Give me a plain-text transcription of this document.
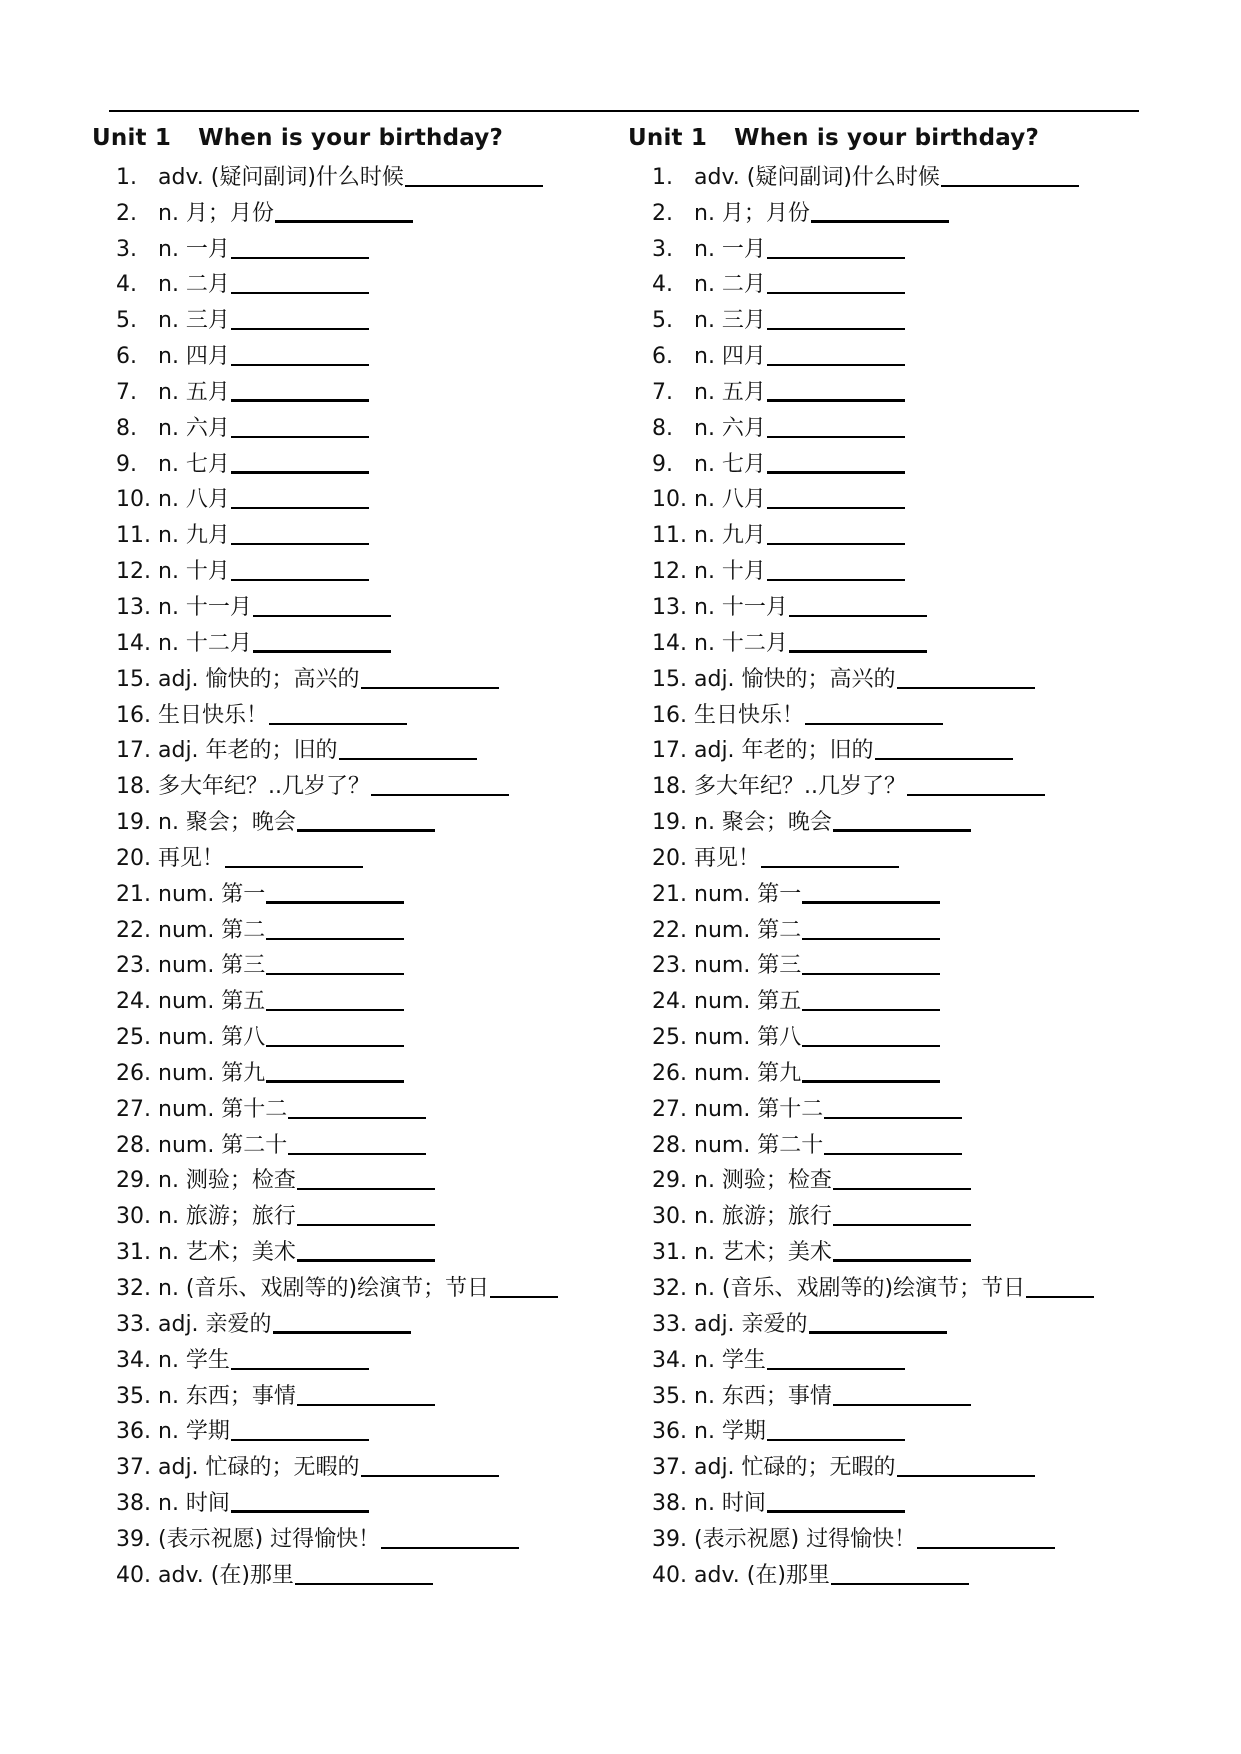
Unit 1 When is your birthday?
1. adv. (疑问副词)什么时候
2. n. 月；月份
3. n. 一月
4. n. 二月
5. n. 三月
6. n. 四月
7. n. 五月
8. n. 六月
9. n. 七月
10. n. 八月
11. n. 九月
12. n. 十月
13. n. 十一月
14. n. 十二月
15. adj. 愉快的；高兴的
16. 生日快乐！
17. adj. 年老的；旧的
18. 多大年纪？..几岁了？
19. n. 聚会；晚会
20. 再见！
21. num. 第一
22. num. 第二
23. num. 第三
24. num. 第五
25. num. 第八
26. num. 第九
27. num. 第十二
28. num. 第二十
29. n. 测验；检查
30. n. 旅游；旅行
31. n. 艺术；美术
32. n. (音乐、戏剧等的)绘演节；节日
33. adj. 亲爱的
34. n. 学生
35. n. 东西；事情
36. n. 学期
37. adj. 忙碌的；无暇的
38. n. 时间
39. (表示祝愿) 过得愉快！
40. adv. (在)那里
Unit 1 When is your birthday?
1. adv. (疑问副词)什么时候
2. n. 月；月份
3. n. 一月
4. n. 二月
5. n. 三月
6. n. 四月
7. n. 五月
8. n. 六月
9. n. 七月
10. n. 八月
11. n. 九月
12. n. 十月
13. n. 十一月
14. n. 十二月
15. adj. 愉快的；高兴的
16. 生日快乐！
17. adj. 年老的；旧的
18. 多大年纪？..几岁了？
19. n. 聚会；晚会
20. 再见！
21. num. 第一
22. num. 第二
23. num. 第三
24. num. 第五
25. num. 第八
26. num. 第九
27. num. 第十二
28. num. 第二十
29. n. 测验；检查
30. n. 旅游；旅行
31. n. 艺术；美术
32. n. (音乐、戏剧等的)绘演节；节日
33. adj. 亲爱的
34. n. 学生
35. n. 东西；事情
36. n. 学期
37. adj. 忙碌的；无暇的
38. n. 时间
39. (表示祝愿) 过得愉快！
40. adv. (在)那里
